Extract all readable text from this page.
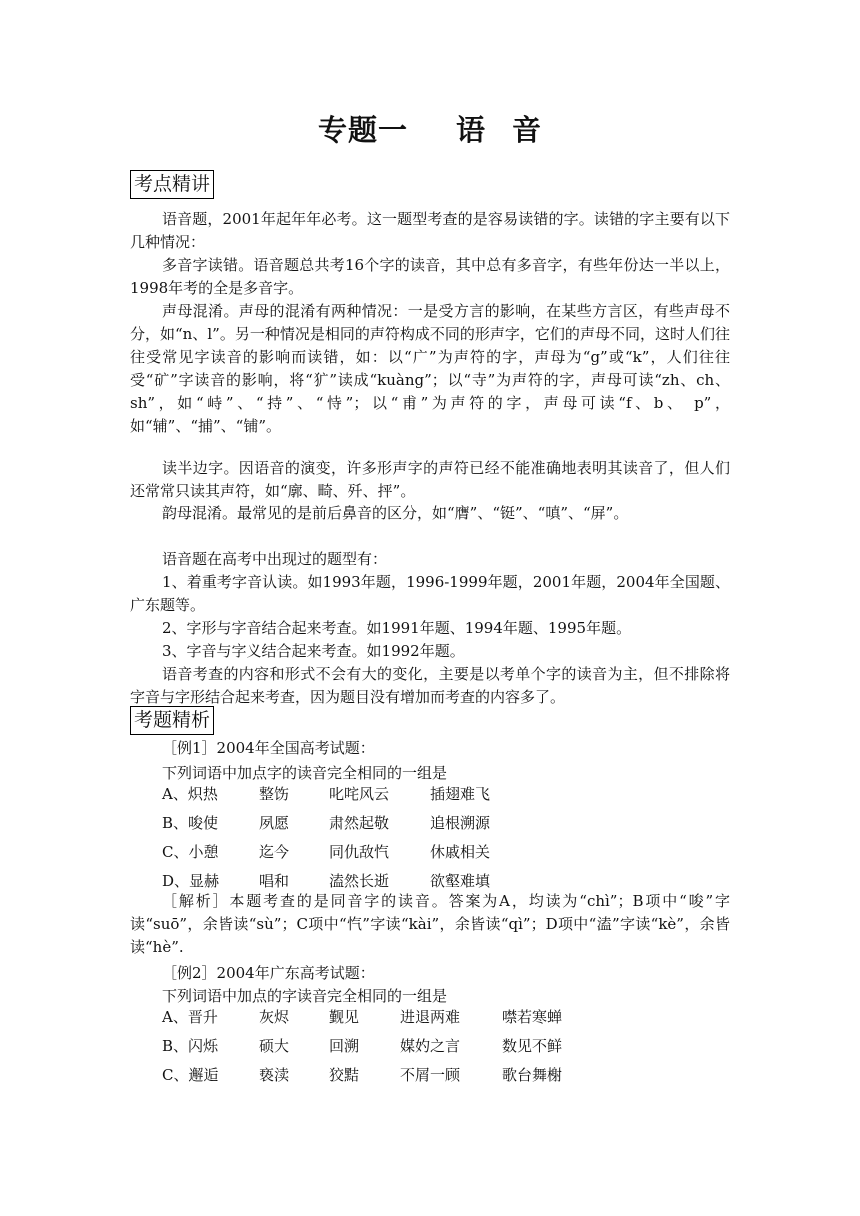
专题一 语 音
考点精讲
语音题，2001年起年年必考。这一题型考查的是容易读错的字。读错的字主要有以下几种情况：
多音字读错。语音题总共考16个字的读音，其中总有多音字，有些年份达一半以上，1998年考的全是多音字。
声母混淆。声母的混淆有两种情况：一是受方言的影响，在某些方言区，有些声母不分，如“n、l”。另一种情况是相同的声符构成不同的形声字，它们的声母不同，这时人们往往受常见字读音的影响而读错，如：以“广”为声符的字，声母为“g”或“k”，人们往往受“矿”字读音的影响，将“犷”读成“kuàng”；以“寺”为声符的字，声母可读“zh、ch、sh”，如“峙”、“持”、“恃”；以“甫”为声符的字，声母可读“f、b、 p”，如“辅”、“捕”、“铺”。
读半边字。因语音的演变，许多形声字的声符已经不能准确地表明其读音了，但人们还常常只读其声符，如“廓、畸、歼、抨”。
韵母混淆。最常见的是前后鼻音的区分，如“膺”、“铤”、“嗔”、“屏”。
语音题在高考中出现过的题型有：
1、着重考字音认读。如1993年题，1996-1999年题，2001年题，2004年全国题、广东题等。
2、字形与字音结合起来考查。如1991年题、1994年题、1995年题。
3、字音与字义结合起来考查。如1992年题。
语音考查的内容和形式不会有大的变化，主要是以考单个字的读音为主，但不排除将字音与字形结合起来考查，因为题目没有增加而考查的内容多了。
考题精析
［例1］2004年全国高考试题：
下列词语中加点字的读音完全相同的一组是
A、炽热	整饬	叱咤风云	插翅难飞
B、唆使	夙愿	肃然起敬	追根溯源
C、小憩	迄今	同仇敌忾	休戚相关
D、显赫	唱和	溘然长逝	欲壑难填
［解析］本题考查的是同音字的读音。答案为A，均读为“chì”；B项中“唆”字读“suō”，余皆读“sù”；C项中“忾”字读“kài”，余皆读“qì”；D项中“溘”字读“kè”，余皆读“hè”.
［例2］2004年广东高考试题：
下列词语中加点的字读音完全相同的一组是
A、晋升	灰烬	觐见	进退两难	噤若寒蝉
B、闪烁	硕大	回溯	媒妁之言	数见不鲜
C、邂逅	亵渎	狡黠	不屑一顾	歌台舞榭
